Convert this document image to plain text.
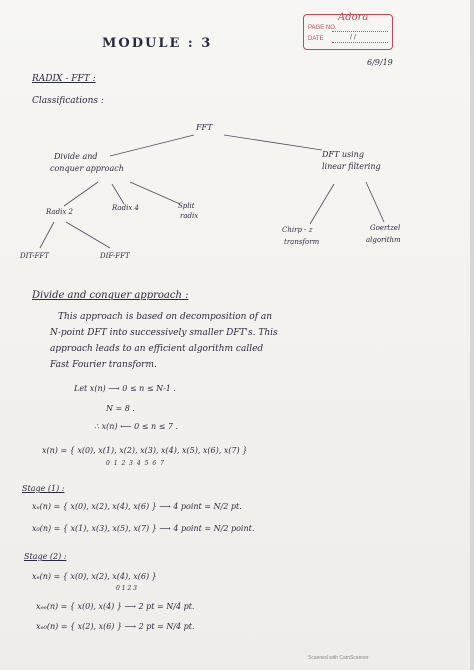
Adora
PAGE NO.
DATE	/ /
MODULE : 3
6/9/19
RADIX - FFT :
Classifications :
FFT
Divide and
conquer approach
DFT using
linear filtering
Radix 2	Radix 4	Split
radix
Chirp - z
transform
Goertzel
algorithm
DIT-FFT	DIF-FFT
Divide and conquer approach :
This approach is based on decomposition of an
N-point DFT into successively smaller DFT's. This
approach leads to an efficient algorithm called
Fast Fourier transform.
Let x(n) ⟶ 0 ≤ n ≤ N-1 .
N = 8 .
∴ x(n) ⟵ 0 ≤ n ≤ 7 .
x(n) = { x(0), x(1), x(2), x(3), x(4), x(5), x(6), x(7) }
0 1 2 3 4 5 6 7
Stage (1) :
xₑ(n) = { x(0), x(2), x(4), x(6) } ⟶ 4 point = N/2 pt.
x₀(n) = { x(1), x(3), x(5), x(7) } ⟶ 4 point = N/2 point.
Stage (2) :
xₑ(n) = { x(0), x(2), x(4), x(6) }
0 1 2 3
xₑₑ(n) = { x(0), x(4) } ⟶ 2 pt = N/4 pt.
xₑ₀(n) = { x(2), x(6) } ⟶ 2 pt = N/4 pt.
Scanned with CamScanner
